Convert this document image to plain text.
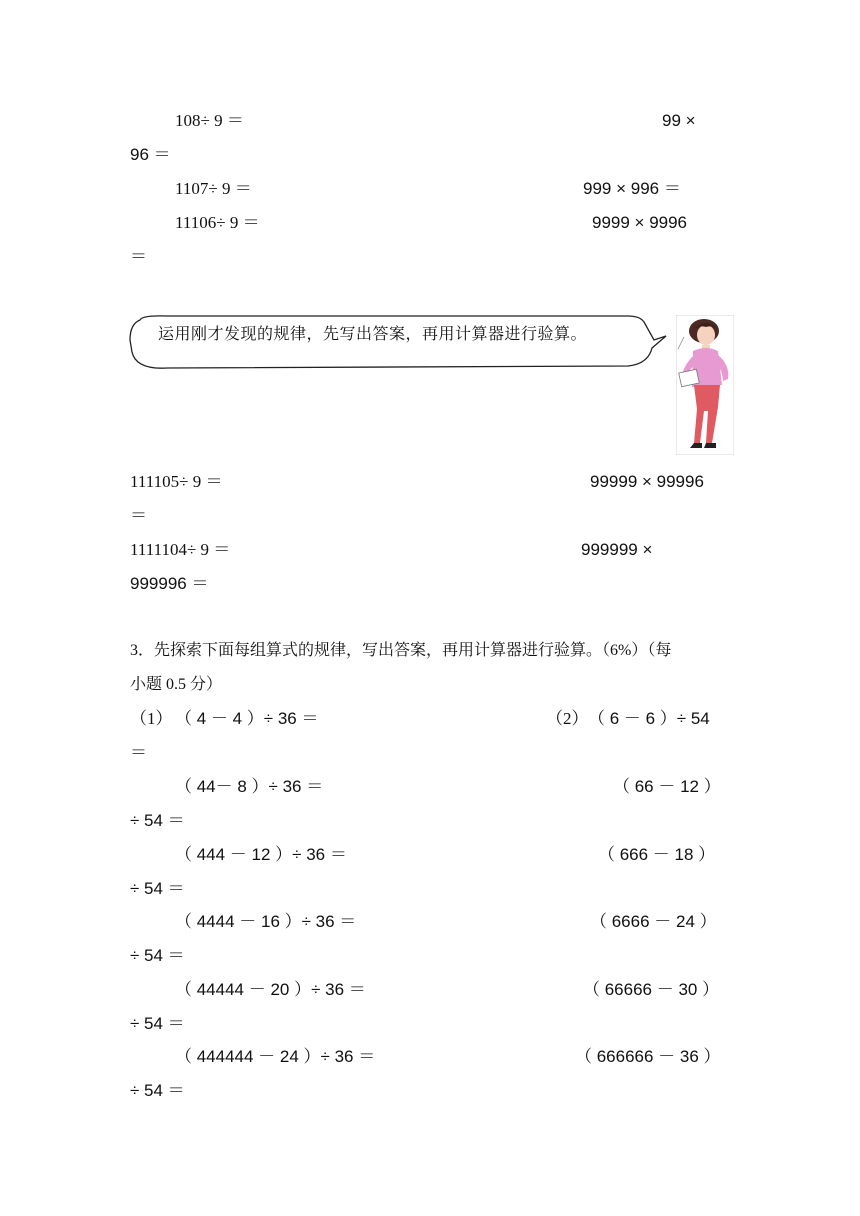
108÷ 9 ＝	99 ×
96 ＝
1107÷ 9 ＝	999 × 996 ＝
11106÷ 9 ＝	9999 × 9996
＝
运用刚才发现的规律，先写出答案，再用计算器进行验算。
111105÷ 9 ＝	99999 × 99996
＝
1111104÷ 9 ＝	999999 ×
999996 ＝
3．先探索下面每组算式的规律，写出答案，再用计算器进行验算。（6%）（每
小题 0.5 分）
（1） （ 4 － 4 ）÷ 36 ＝	（2） （ 6 － 6 ）÷ 54
＝
（ 44－ 8 ）÷ 36 ＝	（ 66 － 12 ）
÷ 54 ＝
（ 444 － 12 ）÷ 36 ＝	（ 666 － 18 ）
÷ 54 ＝
（ 4444 － 16 ）÷ 36 ＝	（ 6666 － 24 ）
÷ 54 ＝
（ 44444 － 20 ）÷ 36 ＝	（ 66666 － 30 ）
÷ 54 ＝
（ 444444 － 24 ）÷ 36 ＝	（ 666666 － 36 ）
÷ 54 ＝
